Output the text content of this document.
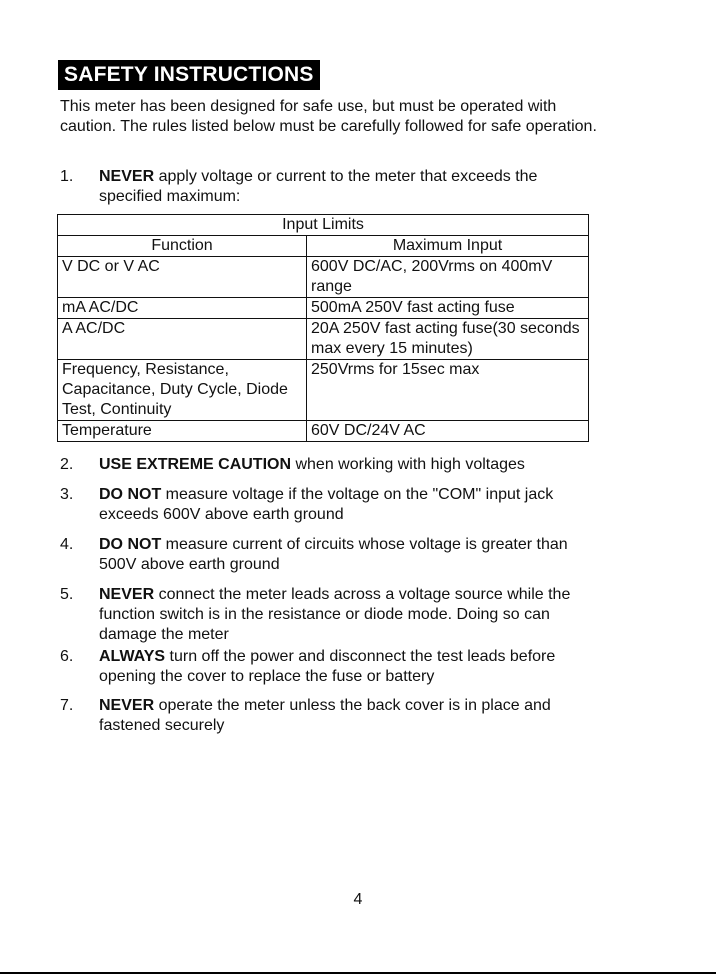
SAFETY INSTRUCTIONS
This meter has been designed for safe use, but must be operated with caution. The rules listed below must be carefully followed for safe operation.
1. NEVER apply voltage or current to the meter that exceeds the specified maximum:
Input Limits	
Function	Maximum Input
V DC or V AC	600V DC/AC, 200Vrms on 400mV range
mA AC/DC	500mA 250V fast acting fuse
A AC/DC	20A 250V fast acting fuse(30 seconds max every 15 minutes)
Frequency, Resistance, Capacitance, Duty Cycle, Diode Test, Continuity	250Vrms for 15sec max
Temperature	60V DC/24V AC
2. USE EXTREME CAUTION when working with high voltages
3. DO NOT measure voltage if the voltage on the "COM" input jack exceeds 600V above earth ground
4. DO NOT measure current of circuits whose voltage is greater than 500V above earth ground
5. NEVER connect the meter leads across a voltage source while the function switch is in the resistance or diode mode. Doing so can damage the meter
6. ALWAYS turn off the power and disconnect the test leads before opening the cover to replace the fuse or battery
7. NEVER operate the meter unless the back cover is in place and fastened securely
4
